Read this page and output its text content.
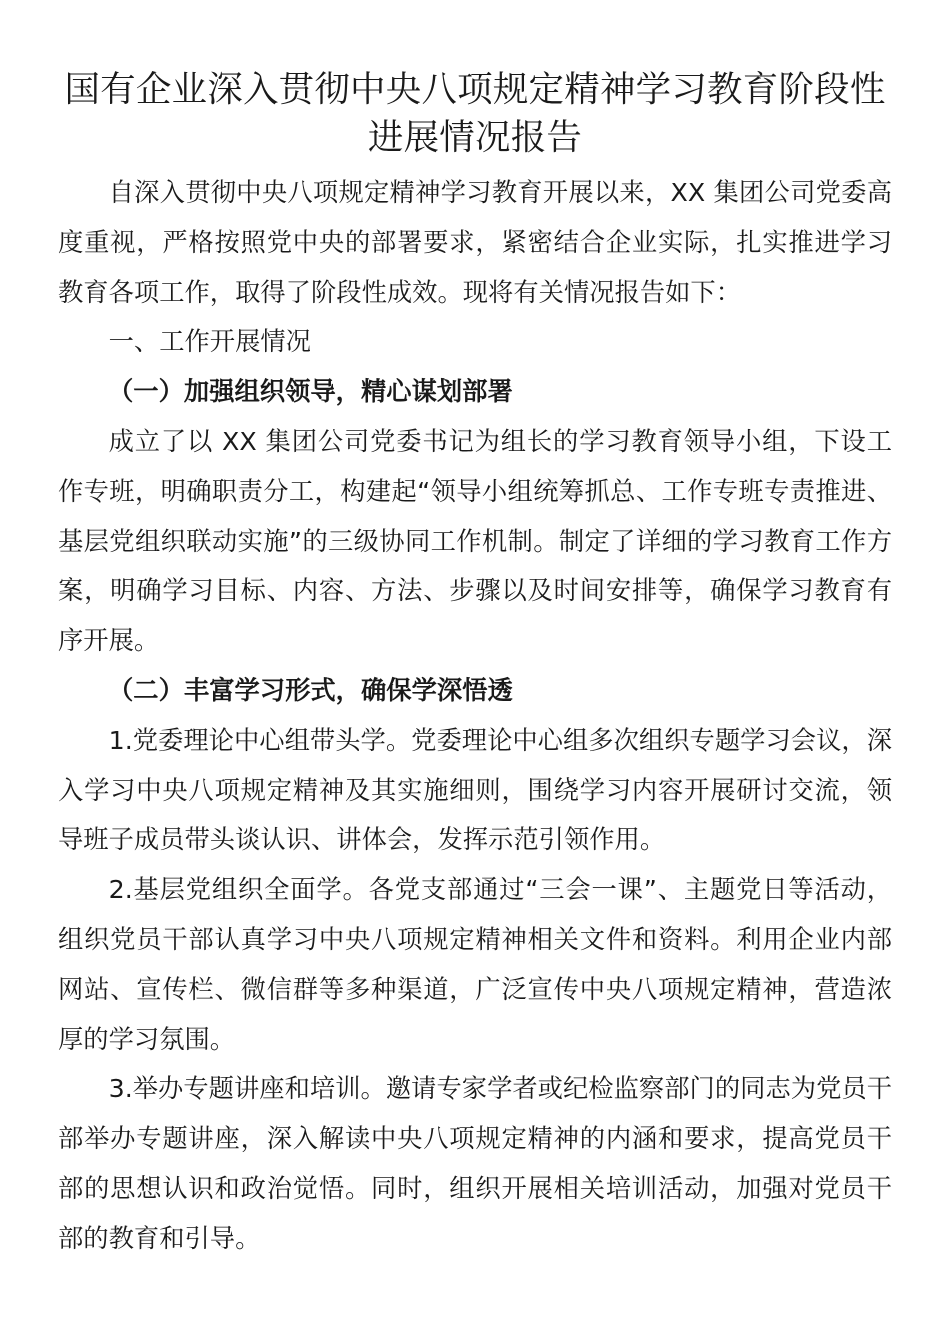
国有企业深入贯彻中央八项规定精神学习教育阶段性
进展情况报告

自深入贯彻中央八项规定精神学习教育开展以来，XX 集团公司党委高度重视，严格按照党中央的部署要求，紧密结合企业实际，扎实推进学习教育各项工作，取得了阶段性成效。现将有关情况报告如下：

一、工作开展情况

（一）加强组织领导，精心谋划部署

成立了以 XX 集团公司党委书记为组长的学习教育领导小组，下设工作专班，明确职责分工，构建起“领导小组统筹抓总、工作专班专责推进、基层党组织联动实施”的三级协同工作机制。制定了详细的学习教育工作方案，明确学习目标、内容、方法、步骤以及时间安排等，确保学习教育有序开展。

（二）丰富学习形式，确保学深悟透

1.党委理论中心组带头学。党委理论中心组多次组织专题学习会议，深入学习中央八项规定精神及其实施细则，围绕学习内容开展研讨交流，领导班子成员带头谈认识、讲体会，发挥示范引领作用。

2.基层党组织全面学。各党支部通过“三会一课”、主题党日等活动，组织党员干部认真学习中央八项规定精神相关文件和资料。利用企业内部网站、宣传栏、微信群等多种渠道，广泛宣传中央八项规定精神，营造浓厚的学习氛围。

3.举办专题讲座和培训。邀请专家学者或纪检监察部门的同志为党员干部举办专题讲座，深入解读中央八项规定精神的内涵和要求，提高党员干部的思想认识和政治觉悟。同时，组织开展相关培训活动，加强对党员干部的教育和引导。
